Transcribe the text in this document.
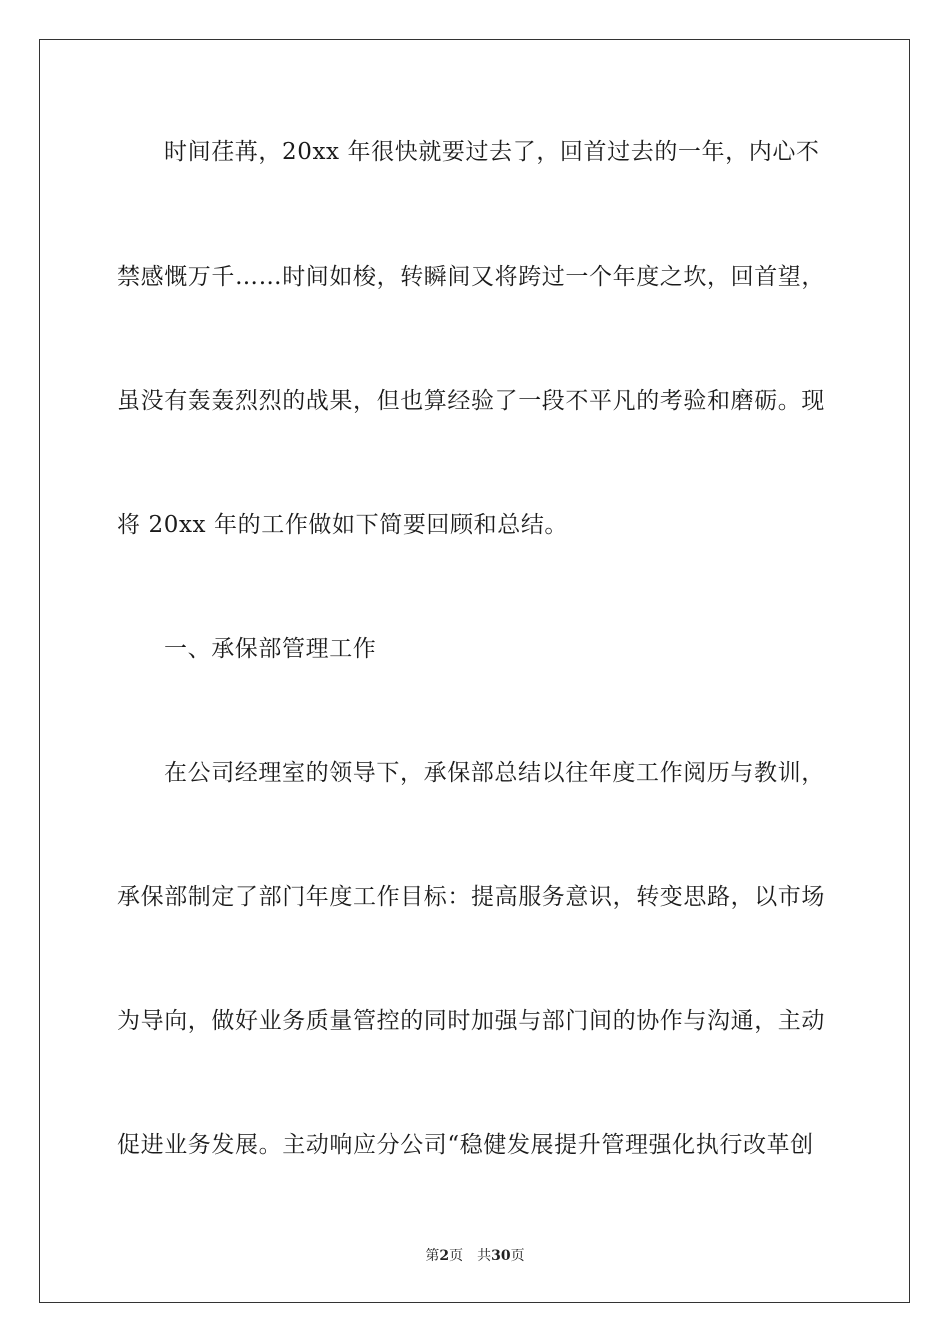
时间荏苒，20xx 年很快就要过去了，回首过去的一年，内心不
禁感慨万千……时间如梭，转瞬间又将跨过一个年度之坎，回首望，
虽没有轰轰烈烈的战果，但也算经验了一段不平凡的考验和磨砺。现
将 20xx 年的工作做如下简要回顾和总结。
一、承保部管理工作
在公司经理室的领导下，承保部总结以往年度工作阅历与教训，
承保部制定了部门年度工作目标：提高服务意识，转变思路，以市场
为导向，做好业务质量管控的同时加强与部门间的协作与沟通，主动
促进业务发展。主动响应分公司“稳健发展提升管理强化执行改革创
第2页 共30页
